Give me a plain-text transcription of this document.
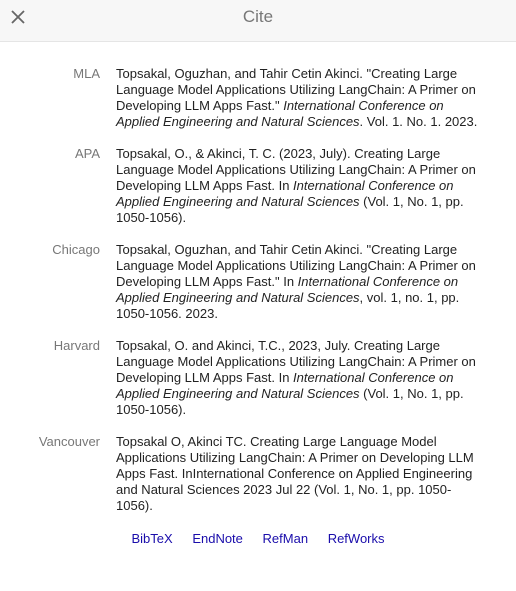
Cite
MLA Topsakal, Oguzhan, and Tahir Cetin Akinci. "Creating Large Language Model Applications Utilizing LangChain: A Primer on Developing LLM Apps Fast." International Conference on Applied Engineering and Natural Sciences. Vol. 1. No. 1. 2023.
APA Topsakal, O., & Akinci, T. C. (2023, July). Creating Large Language Model Applications Utilizing LangChain: A Primer on Developing LLM Apps Fast. In International Conference on Applied Engineering and Natural Sciences (Vol. 1, No. 1, pp. 1050-1056).
Chicago Topsakal, Oguzhan, and Tahir Cetin Akinci. "Creating Large Language Model Applications Utilizing LangChain: A Primer on Developing LLM Apps Fast." In International Conference on Applied Engineering and Natural Sciences, vol. 1, no. 1, pp. 1050-1056. 2023.
Harvard Topsakal, O. and Akinci, T.C., 2023, July. Creating Large Language Model Applications Utilizing LangChain: A Primer on Developing LLM Apps Fast. In International Conference on Applied Engineering and Natural Sciences (Vol. 1, No. 1, pp. 1050-1056).
Vancouver Topsakal O, Akinci TC. Creating Large Language Model Applications Utilizing LangChain: A Primer on Developing LLM Apps Fast. InInternational Conference on Applied Engineering and Natural Sciences 2023 Jul 22 (Vol. 1, No. 1, pp. 1050-1056).
BibTeX EndNote RefMan RefWorks
